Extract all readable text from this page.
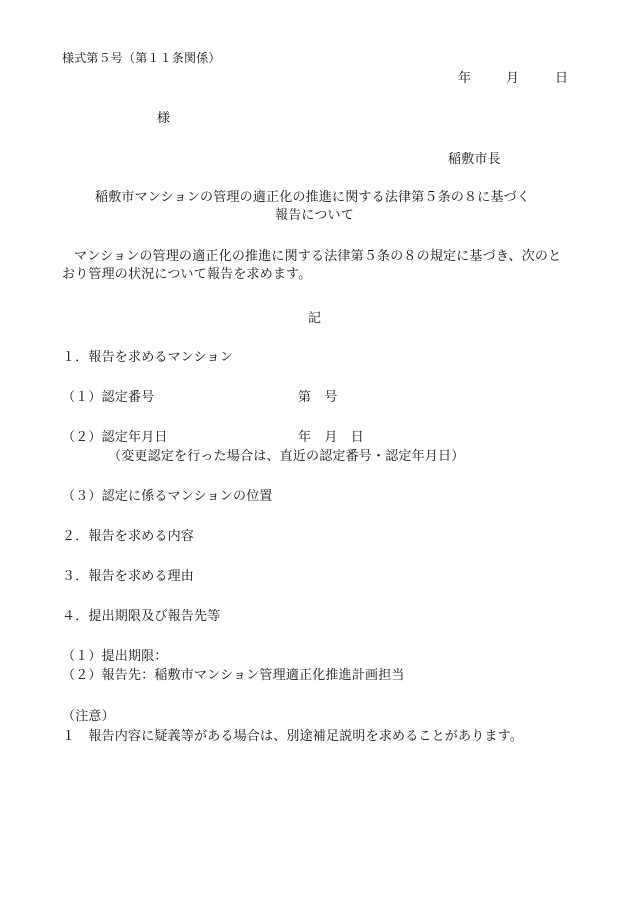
様式第５号（第１１条関係）
年	月	日
様
稲敷市長
稲敷市マンションの管理の適正化の推進に関する法律第５条の８に基づく
報告について
マンションの管理の適正化の推進に関する法律第５条の８の規定に基づき、次のと
おり管理の状況について報告を求めます。
記
１．報告を求めるマンション
（１）認定番号	第　号
（２）認定年月日	年　月　日
（変更認定を行った場合は、直近の認定番号・認定年月日）
（３）認定に係るマンションの位置
２．報告を求める内容
３．報告を求める理由
４．提出期限及び報告先等
（１）提出期限：
（２）報告先：稲敷市マンション管理適正化推進計画担当
（注意）
１　報告内容に疑義等がある場合は、別途補足説明を求めることがあります。
